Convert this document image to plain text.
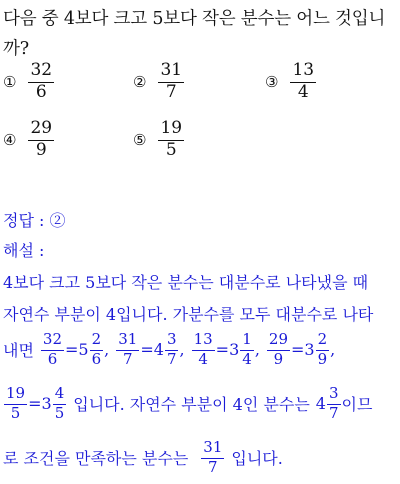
다음 중 4보다 크고 5보다 작은 분수는 어느 것입니
까?
① $\frac{32}{6}$	② $\frac{31}{7}$	③ $\frac{13}{4}$
④ $\frac{29}{9}$	⑤ $\frac{19}{5}$
정답 : ②
해설 :
4보다 크고 5보다 작은 분수는 대분수로 나타냈을 때
자연수 부분이 4입니다. 가분수를 모두 대분수로 나타
내면 $\frac{32}{6} =5 \frac{2}{6}$ , $\frac{31}{7} =4 \frac{3}{7}$ , $\frac{13}{4} =3 \frac{1}{4}$ , $\frac{29}{9} =3 \frac{2}{9}$ ,
$\frac{19}{5} =3 \frac{4}{5}$ 입니다. 자연수 부분이 4인 분수는 $4 \frac{3}{7}$ 이므
로 조건을 만족하는 분수는 $\frac{31}{7}$ 입니다.
